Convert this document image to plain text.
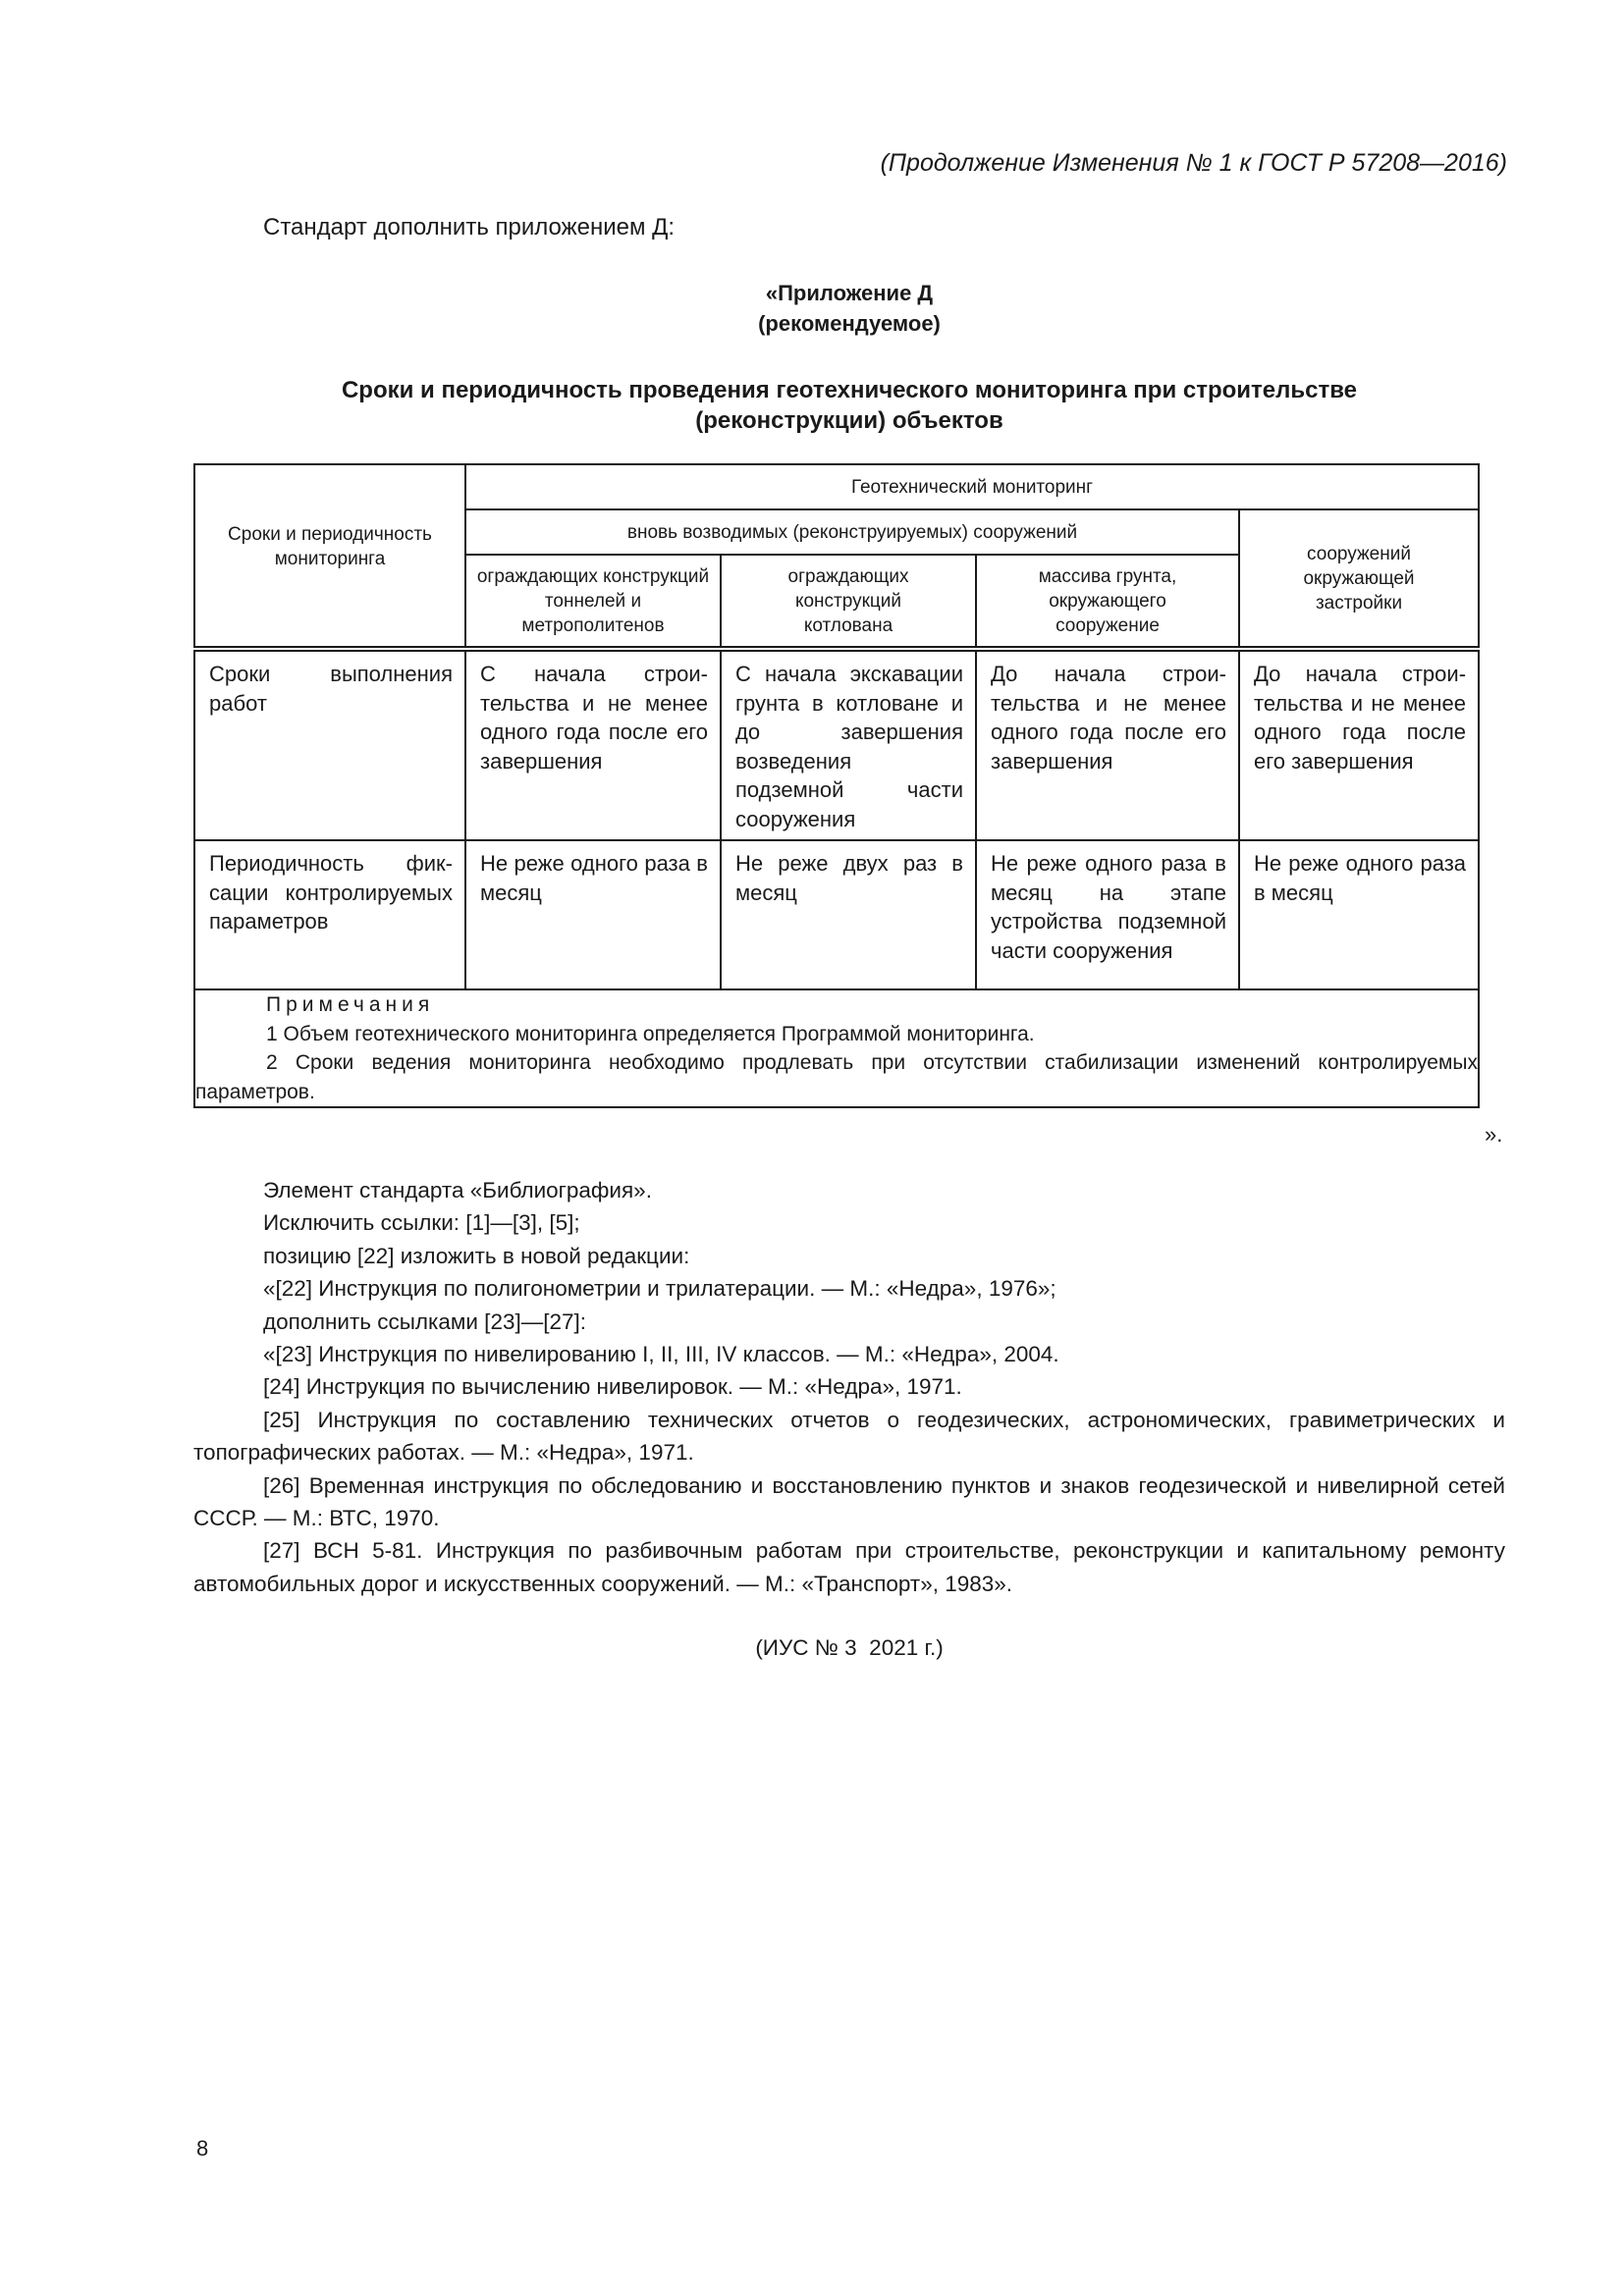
(Продолжение Изменения № 1 к ГОСТ Р 57208—2016)
Стандарт дополнить приложением Д:
«Приложение Д
(рекомендуемое)
Сроки и периодичность проведения геотехнического мониторинга при строительстве
(реконструкции) объектов
Сроки и периодичность мониторинга	Геотехнический мониторинг			
	вновь возводимых (реконструируемых) сооружений			сооружений окружающей застройки
	ограждающих конструкций тоннелей и метрополитенов	ограждающих конструкций котлована	массива грунта, окружающего сооружение	
Сроки выполнения работ	С начала строительства и не менее одного года после его завершения	С начала экскавации грунта в котловане и до завершения возведения подземной части сооружения	До начала строительства и не менее одного года после его завершения	До начала строительства и не менее одного года после его завершения
Периодичность фиксации контролируемых параметров	Не реже одного раза в месяц	Не реже двух раз в месяц	Не реже одного раза в месяц на этапе устройства подземной части сооружения	Не реже одного раза в месяц

Примечания
1 Объем геотехнического мониторинга определяется Программой мониторинга.
2 Сроки ведения мониторинга необходимо продлевать при отсутствии стабилизации изменений контролируемых параметров.				
».

Элемент стандарта «Библиография».

Исключить ссылки: [1]—[3], [5];

позицию [22] изложить в новой редакции:

«[22] Инструкция по полигонометрии и трилатерации. — М.: «Недра», 1976»;

дополнить ссылками [23]—[27]:

«[23] Инструкция по нивелированию I, II, III, IV классов. — М.: «Недра», 2004.

[24] Инструкция по вычислению нивелировок. — М.: «Недра», 1971.

[25] Инструкция по составлению технических отчетов о геодезических, астрономических, гравиметрических и топографических работах. — М.: «Недра», 1971.

[26] Временная инструкция по обследованию и восстановлению пунктов и знаков геодезической и нивелирной сетей СССР. — М.: ВТС, 1970.

[27] ВСН 5-81. Инструкция по разбивочным работам при строительстве, реконструкции и капитальному ремонту автомобильных дорог и искусственных сооружений. — М.: «Транспорт», 1983».

(ИУС № 3  2021 г.)
8
